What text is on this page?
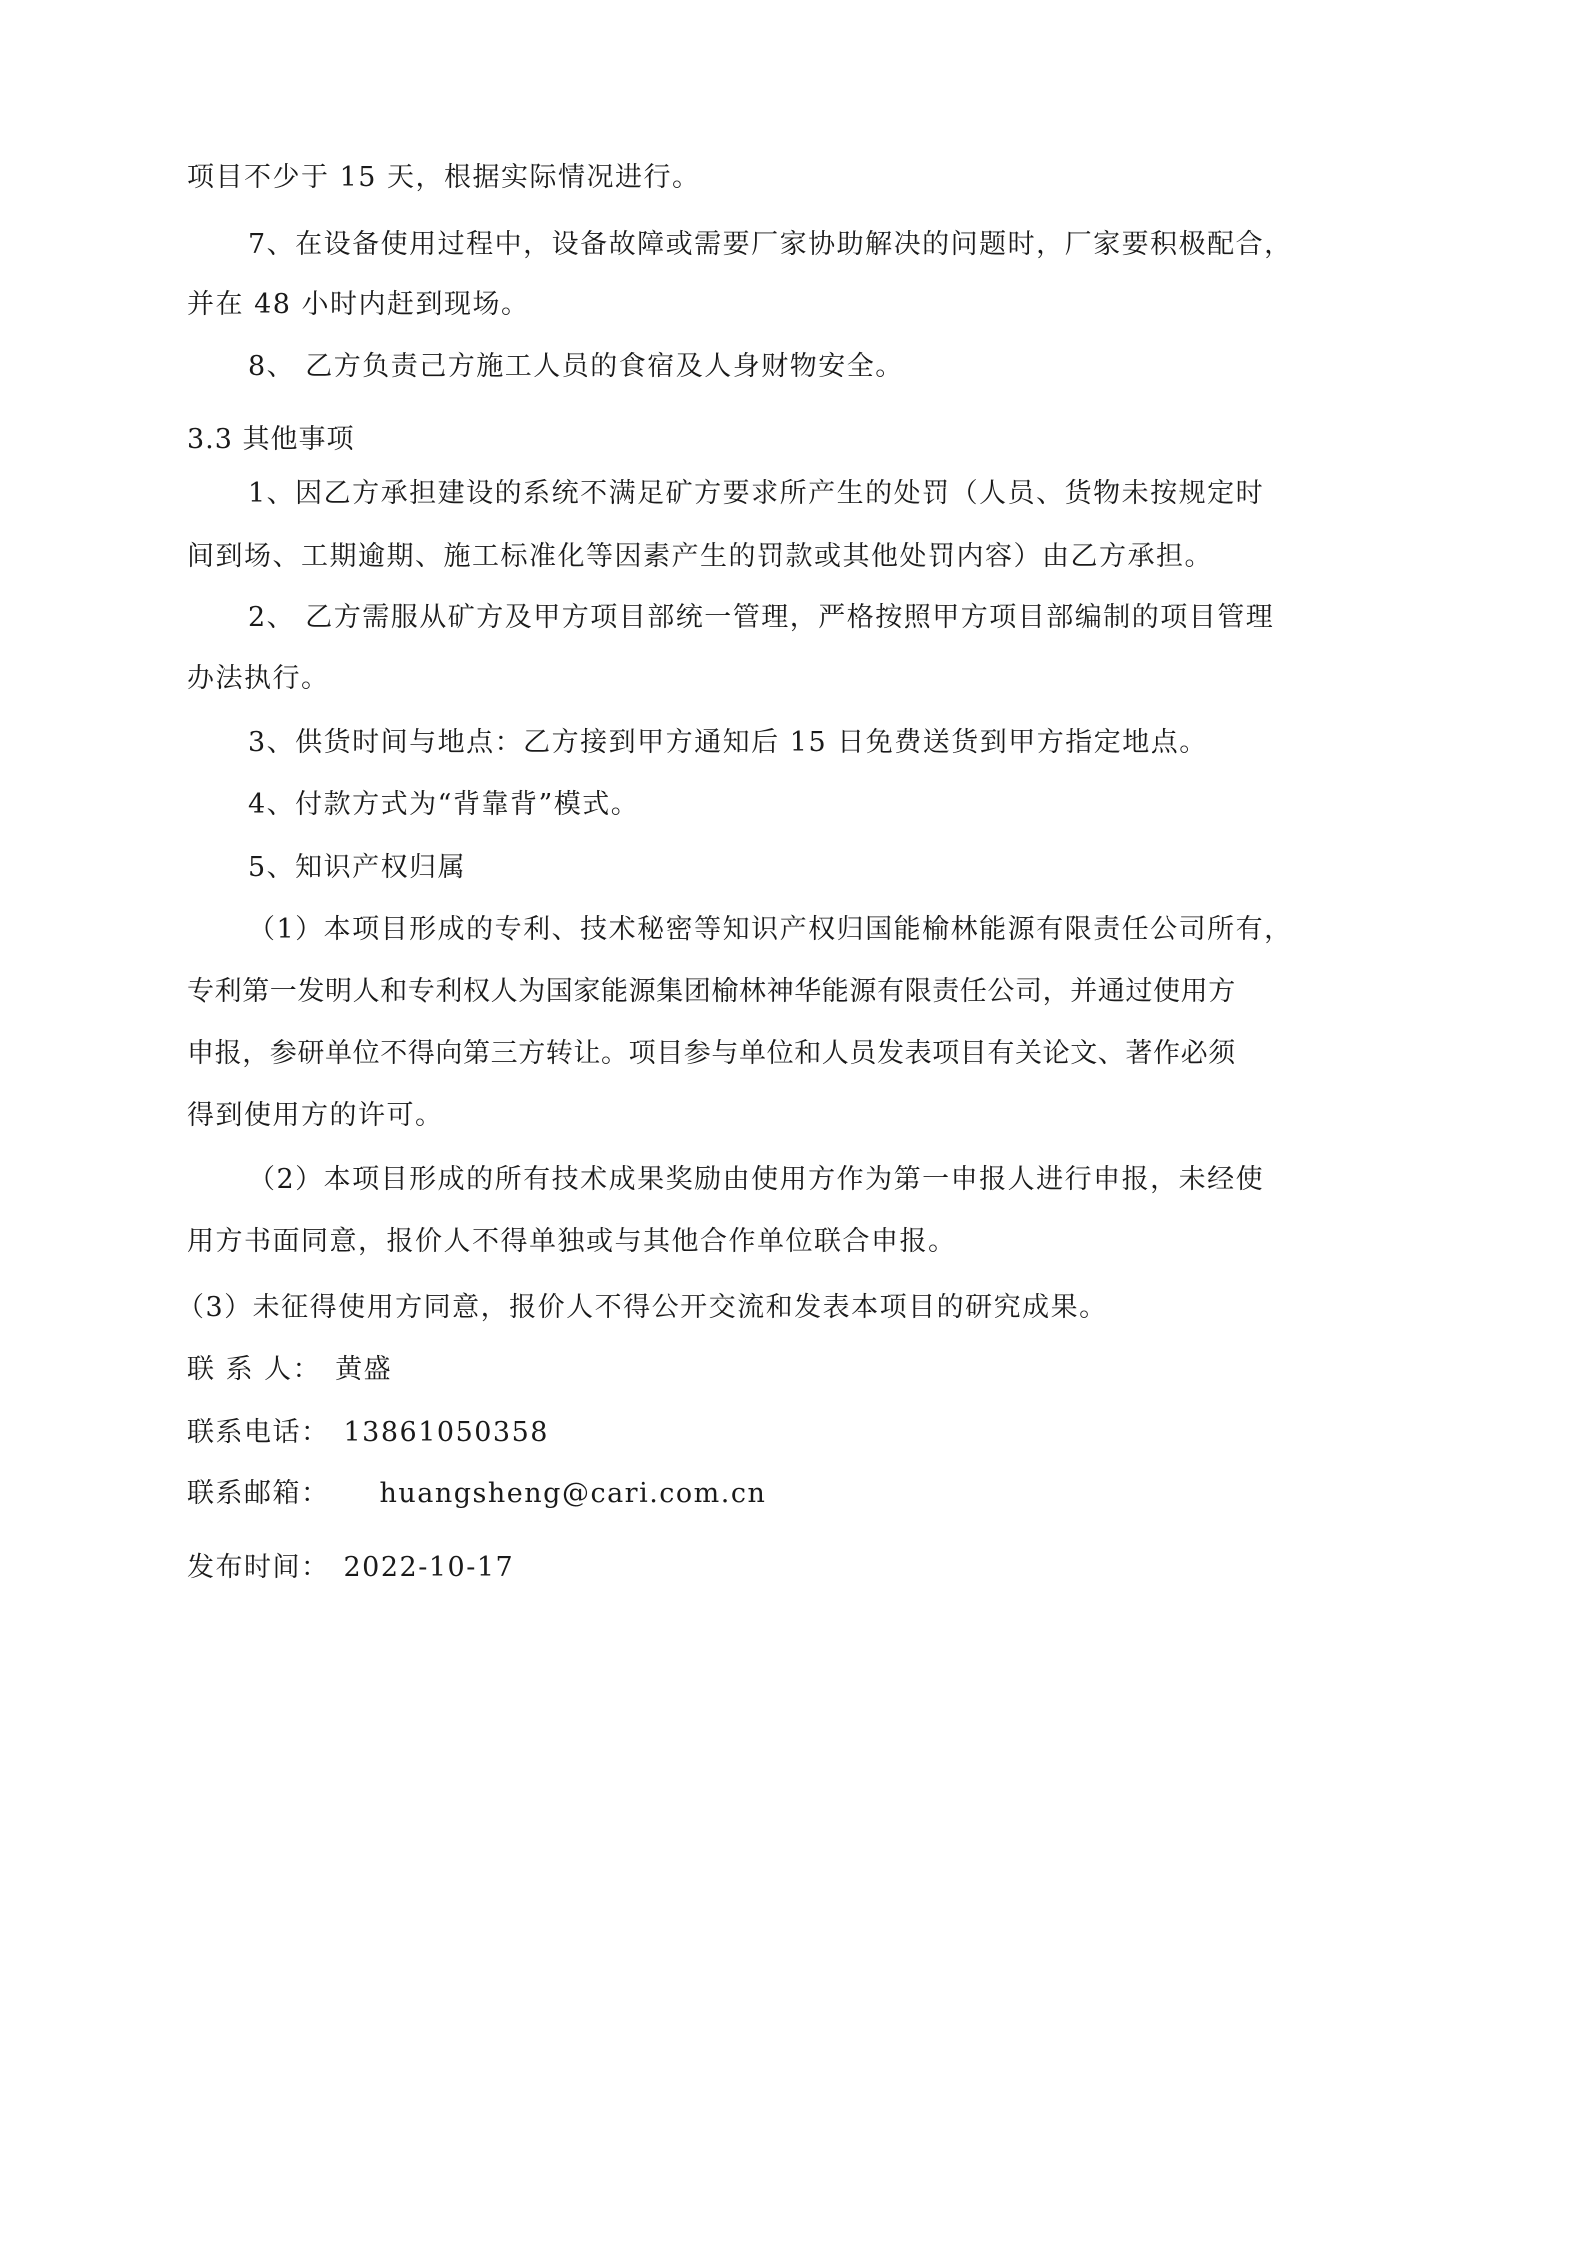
项目不少于 15 天，根据实际情况进行。
7、在设备使用过程中，设备故障或需要厂家协助解决的问题时，厂家要积极配合，
并在 48 小时内赶到现场。
8、 乙方负责己方施工人员的食宿及人身财物安全。
3.3 其他事项
1、因乙方承担建设的系统不满足矿方要求所产生的处罚（人员、货物未按规定时
间到场、工期逾期、施工标准化等因素产生的罚款或其他处罚内容）由乙方承担。
2、 乙方需服从矿方及甲方项目部统一管理，严格按照甲方项目部编制的项目管理
办法执行。
3、供货时间与地点：乙方接到甲方通知后 15 日免费送货到甲方指定地点。
4、付款方式为“背靠背”模式。
5、知识产权归属
（1）本项目形成的专利、技术秘密等知识产权归国能榆林能源有限责任公司所有，
专利第一发明人和专利权人为国家能源集团榆林神华能源有限责任公司，并通过使用方
申报，参研单位不得向第三方转让。项目参与单位和人员发表项目有关论文、著作必须
得到使用方的许可。
（2）本项目形成的所有技术成果奖励由使用方作为第一申报人进行申报，未经使
用方书面同意，报价人不得单独或与其他合作单位联合申报。
（3）未征得使用方同意，报价人不得公开交流和发表本项目的研究成果。
联 系 人： 黄盛
联系电话： 13861050358
联系邮箱： huangsheng@cari.com.cn
发布时间： 2022-10-17
